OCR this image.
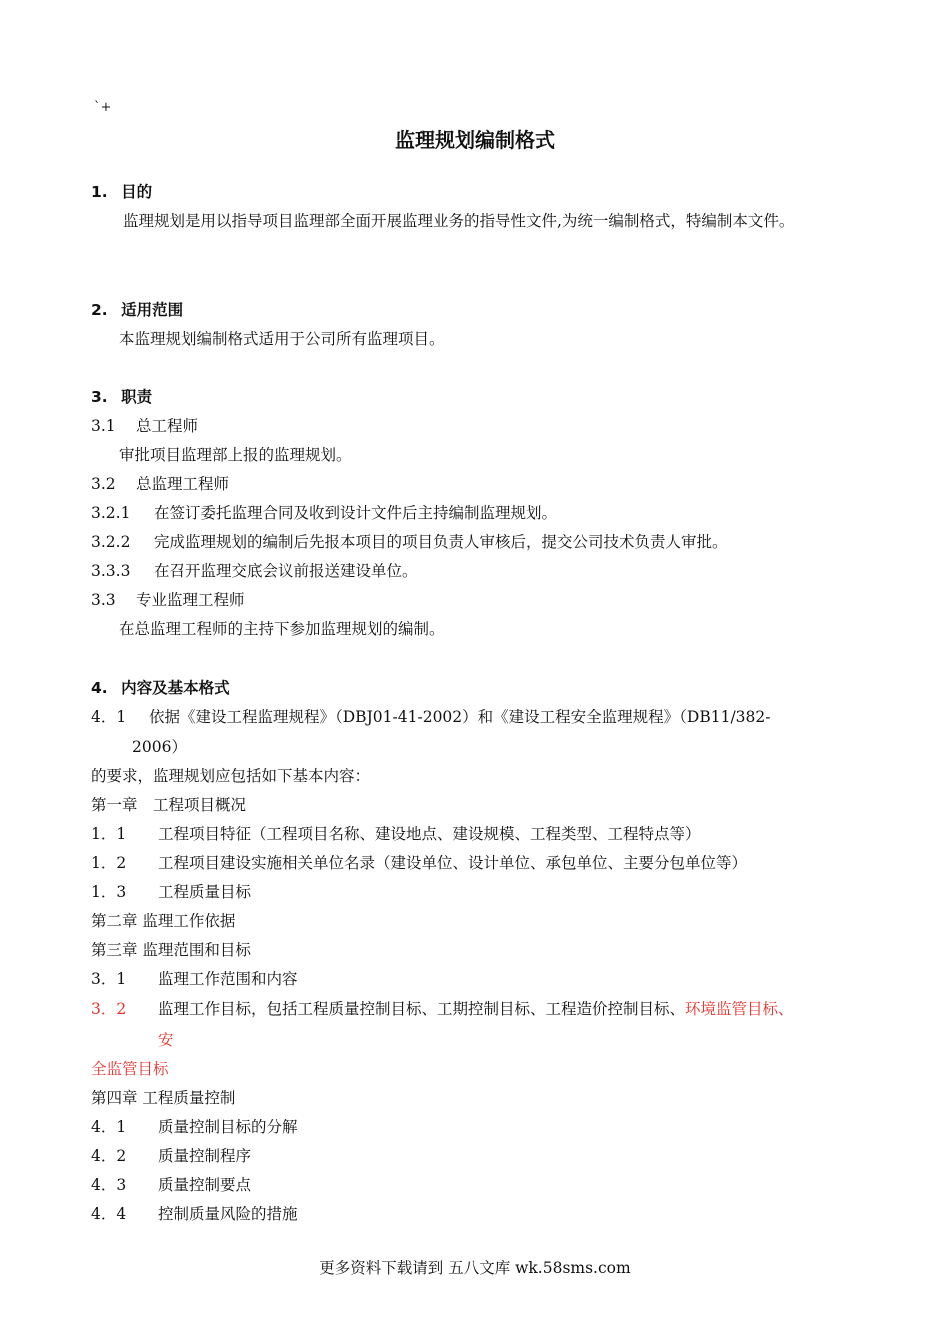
`+
监理规划编制格式
1. 目的
监理规划是用以指导项目监理部全面开展监理业务的指导性文件,为统一编制格式，特编制本文件。
2. 适用范围
本监理规划编制格式适用于公司所有监理项目。
3. 职责
3.1 总工程师
审批项目监理部上报的监理规划。
3.2 总监理工程师
3.2.1 在签订委托监理合同及收到设计文件后主持编制监理规划。
3.2.2 完成监理规划的编制后先报本项目的项目负责人审核后，提交公司技术负责人审批。
3.3.3 在召开监理交底会议前报送建设单位。
3.3 专业监理工程师
在总监理工程师的主持下参加监理规划的编制。
4. 内容及基本格式
4．1 依据《建设工程监理规程》（DBJ01-41-2002）和《建设工程安全监理规程》（DB11/382-
2006）
的要求，监理规划应包括如下基本内容：
第一章　工程项目概况
1．1 工程项目特征（工程项目名称、建设地点、建设规模、工程类型、工程特点等）
1．2 工程项目建设实施相关单位名录（建设单位、设计单位、承包单位、主要分包单位等）
1．3 工程质量目标
第二章 监理工作依据
第三章 监理范围和目标
3．1 监理工作范围和内容
3．2 监理工作目标，包括工程质量控制目标、工期控制目标、工程造价控制目标、环境监管目标、
安
全监管目标
第四章 工程质量控制
4．1 质量控制目标的分解
4．2 质量控制程序
4．3 质量控制要点
4．4 控制质量风险的措施
更多资料下载请到 五八文库 wk.58sms.com
